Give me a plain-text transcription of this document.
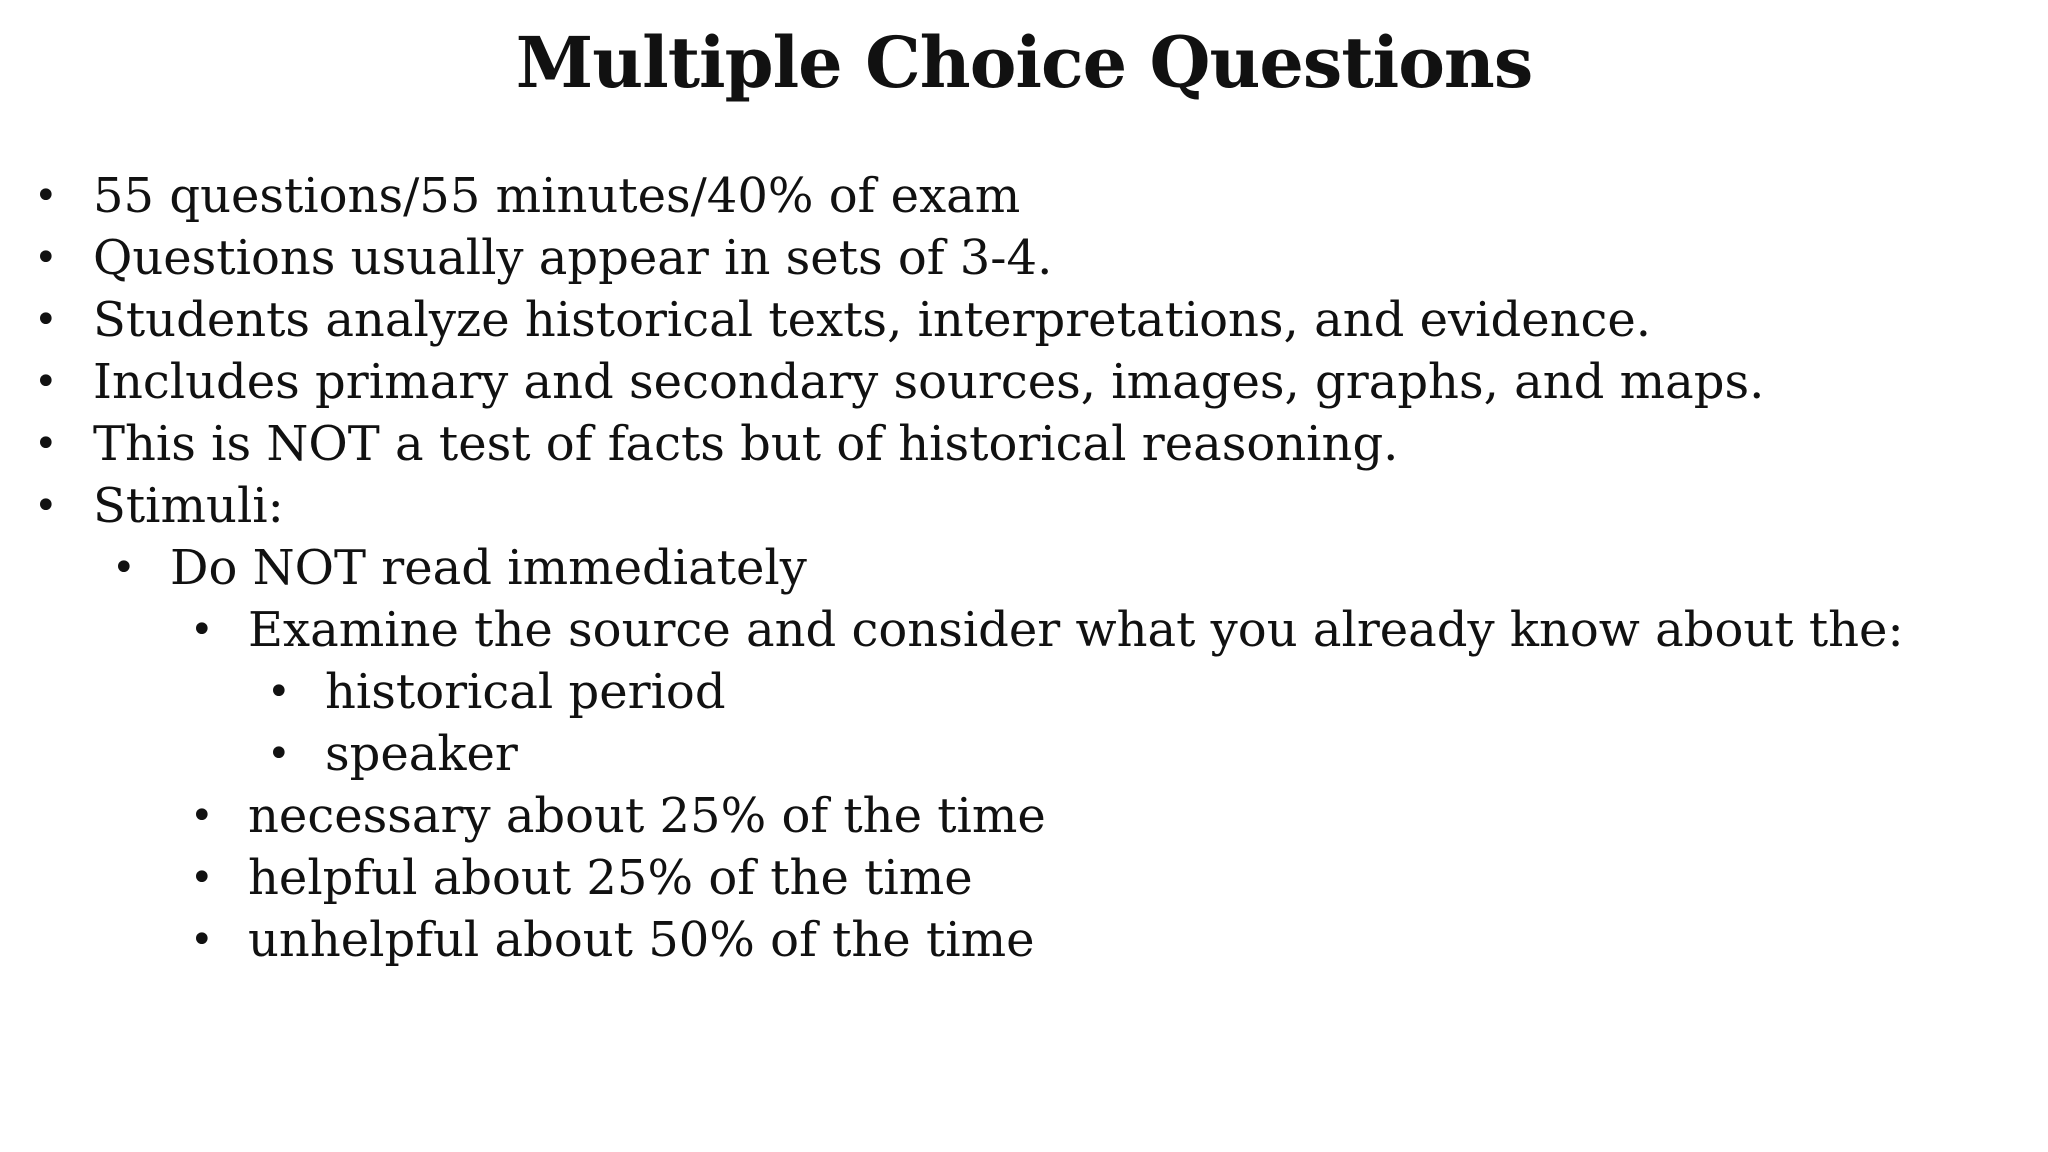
Multiple Choice Questions
• 55 questions/55 minutes/40% of exam
• Questions usually appear in sets of 3-4.
• Students analyze historical texts, interpretations, and evidence.
• Includes primary and secondary sources, images, graphs, and maps.
• This is NOT a test of facts but of historical reasoning.
• Stimuli:
• Do NOT read immediately
• Examine the source and consider what you already know about the:
• historical period
• speaker
• necessary about 25% of the time
• helpful about 25% of the time
• unhelpful about 50% of the time
